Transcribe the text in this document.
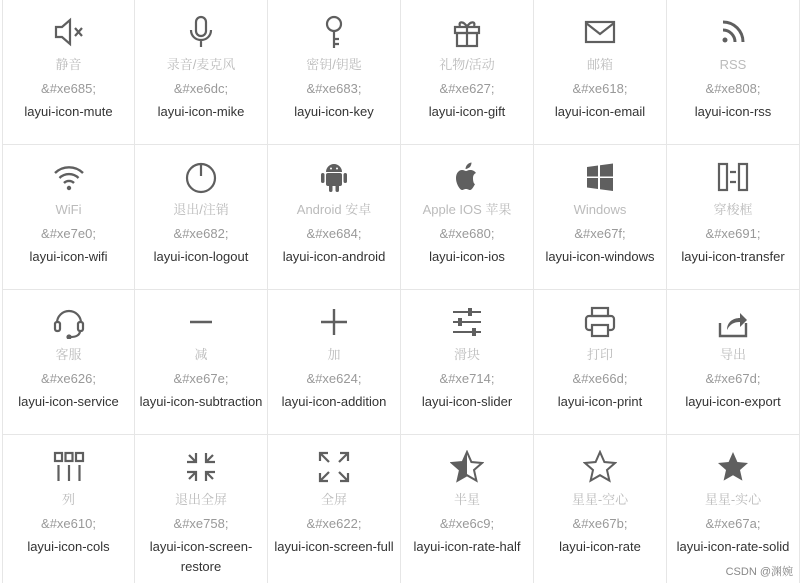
静音
&#xe685;
layui-icon-mute
录音/麦克风
&#xe6dc;
layui-icon-mike
密钥/钥匙
&#xe683;
layui-icon-key
礼物/活动
&#xe627;
layui-icon-gift
邮箱
&#xe618;
layui-icon-email
RSS
&#xe808;
layui-icon-rss
WiFi
&#xe7e0;
layui-icon-wifi
退出/注销
&#xe682;
layui-icon-logout
Android 安卓
&#xe684;
layui-icon-android
Apple IOS 苹果
&#xe680;
layui-icon-ios
Windows
&#xe67f;
layui-icon-windows
穿梭框
&#xe691;
layui-icon-transfer
客服
&#xe626;
layui-icon-service
减
&#xe67e;
layui-icon-subtraction
加
&#xe624;
layui-icon-addition
滑块
&#xe714;
layui-icon-slider
打印
&#xe66d;
layui-icon-print
导出
&#xe67d;
layui-icon-export
列
&#xe610;
layui-icon-cols
退出全屏
&#xe758;
layui-icon-screen-restore
全屏
&#xe622;
layui-icon-screen-full
半星
&#xe6c9;
layui-icon-rate-half
星星-空心
&#xe67b;
layui-icon-rate
星星-实心
&#xe67a;
layui-icon-rate-solid
CSDN @渊婉
